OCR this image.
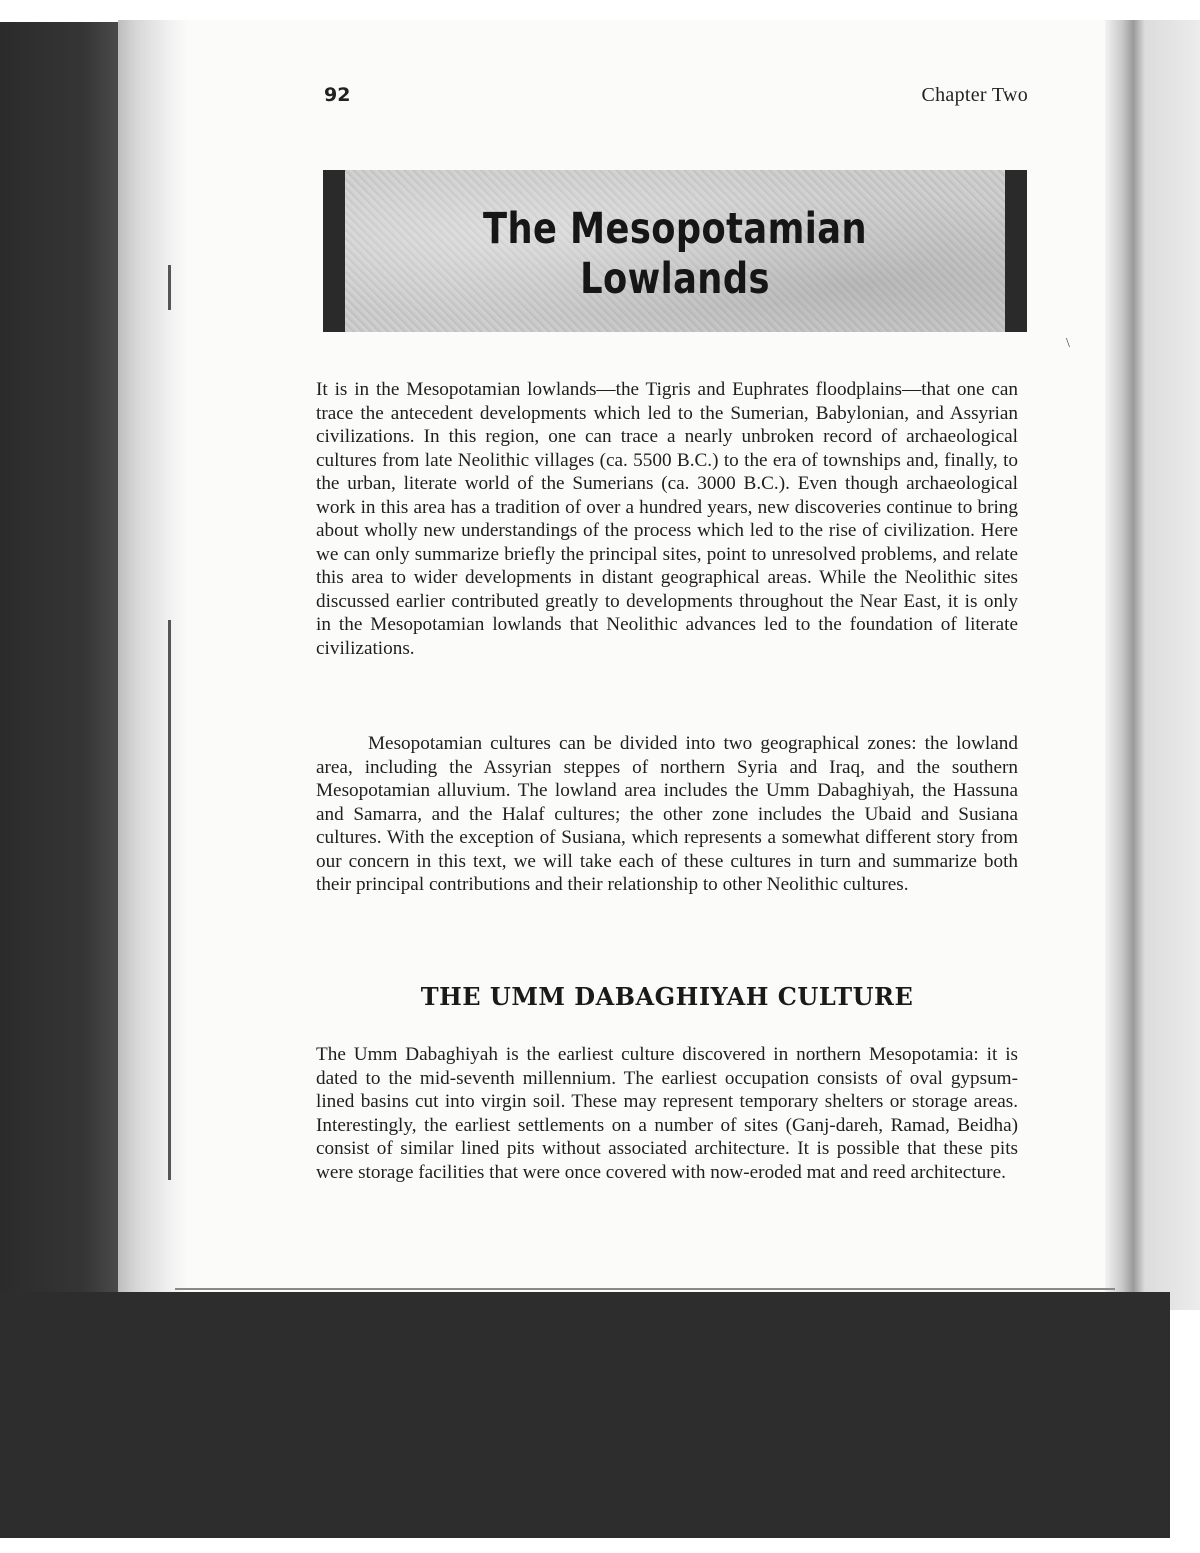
92	Chapter Two
The Mesopotamian
Lowlands
\

It is in the Mesopotamian lowlands—the Tigris and Euphrates floodplains—that one can trace the antecedent developments which led to the Sumerian, Babylonian, and Assyrian civilizations. In this region, one can trace a nearly unbroken record of archaeological cultures from late Neolithic villages (ca. 5500 B.C.) to the era of townships and, finally, to the urban, literate world of the Sumerians (ca. 3000 B.C.). Even though archaeological work in this area has a tradition of over a hundred years, new discoveries continue to bring about wholly new understandings of the process which led to the rise of civilization. Here we can only summarize briefly the principal sites, point to unresolved problems, and relate this area to wider developments in distant geographical areas. While the Neolithic sites discussed earlier contributed greatly to developments throughout the Near East, it is only in the Mesopotamian lowlands that Neolithic advances led to the foundation of literate civilizations.

Mesopotamian cultures can be divided into two geographical zones: the lowland area, including the Assyrian steppes of northern Syria and Iraq, and the southern Mesopotamian alluvium. The lowland area includes the Umm Dabaghiyah, the Hassuna and Samarra, and the Halaf cultures; the other zone includes the Ubaid and Susiana cultures. With the exception of Susiana, which represents a somewhat different story from our concern in this text, we will take each of these cultures in turn and summarize both their principal contributions and their relationship to other Neolithic cultures.

THE UMM DABAGHIYAH CULTURE

The Umm Dabaghiyah is the earliest culture discovered in northern Mesopotamia: it is dated to the mid-seventh millennium. The earliest occupation consists of oval gypsum-lined basins cut into virgin soil. These may represent temporary shelters or storage areas. Interestingly, the earliest settlements on a number of sites (Ganj-dareh, Ramad, Beidha) consist of similar lined pits without associated architecture. It is possible that these pits were storage facilities that were once covered with now-eroded mat and reed architecture.
